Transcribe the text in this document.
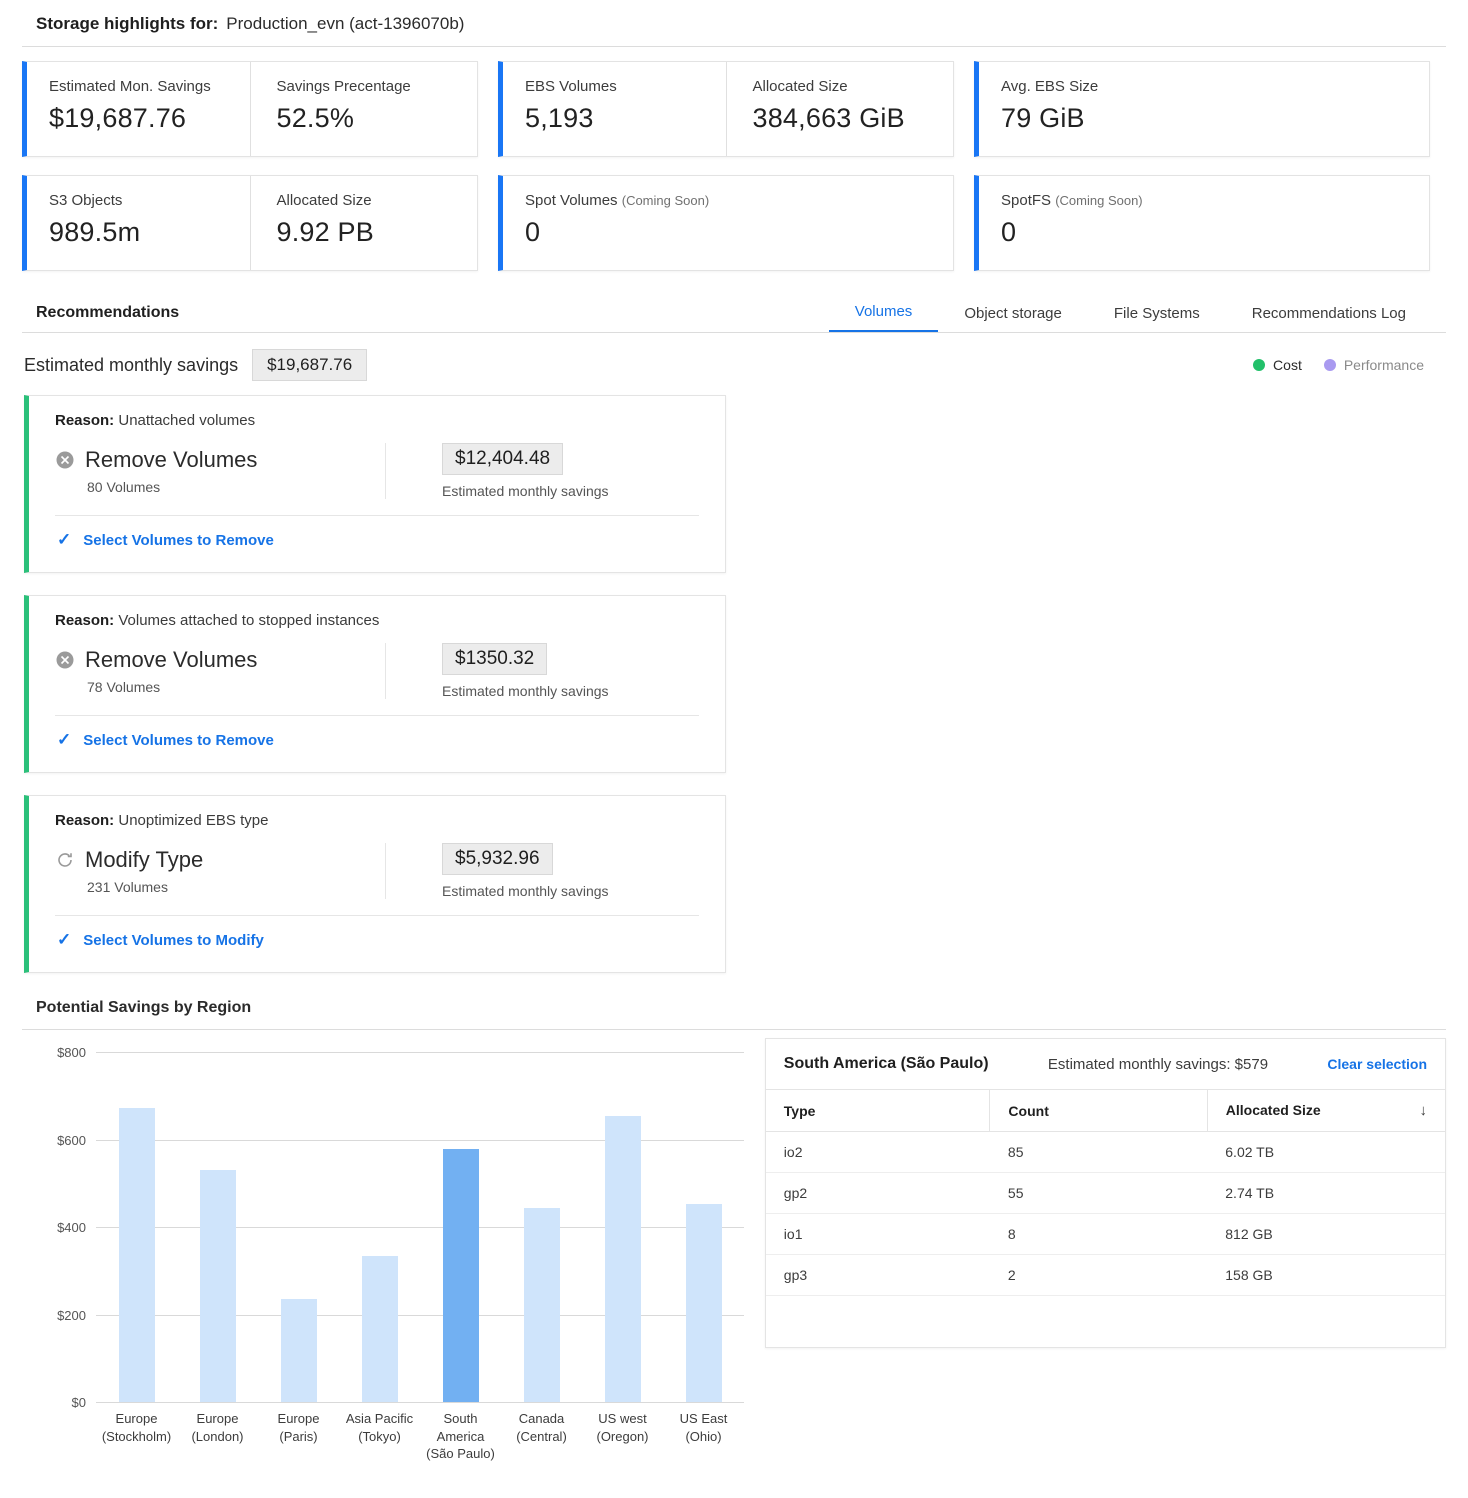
Storage highlights for: Production_evn (act-1396070b)
Estimated Mon. Savings
$19,687.76
Savings Precentage
52.5%
EBS Volumes
5,193
Allocated Size
384,663 GiB
Avg. EBS Size
79 GiB
S3 Objects
989.5m
Allocated Size
9.92 PB
Spot Volumes (Coming Soon)
0
SpotFS (Coming Soon)
0
Recommendations	Volumes	Object storage	File Systems	Recommendations Log
Estimated monthly savings	$19,687.76	Cost	Performance
Reason: Unattached volumes
Remove Volumes
80 Volumes
$12,404.48
Estimated monthly savings
✓ Select Volumes to Remove
Reason: Volumes attached to stopped instances
Remove Volumes
78 Volumes
$1350.32
Estimated monthly savings
✓ Select Volumes to Remove
Reason: Unoptimized EBS type
Modify Type
231 Volumes
$5,932.96
Estimated monthly savings
✓ Select Volumes to Modify
Potential Savings by Region
$0
$200
$400
$600
$800
Europe
(Stockholm)
Europe
(London)
Europe
(Paris)
Asia Pacific
(Tokyo)
South America
(São Paulo)
Canada
(Central)
US west
(Oregon)
US East
(Ohio)
South America (São Paulo)	Estimated monthly savings: $579	Clear selection
Type	Count	Allocated Size ↓

io2	85	6.02 TB
gp2	55	2.74 TB
io1	8	812 GB
gp3	2	158 GB
